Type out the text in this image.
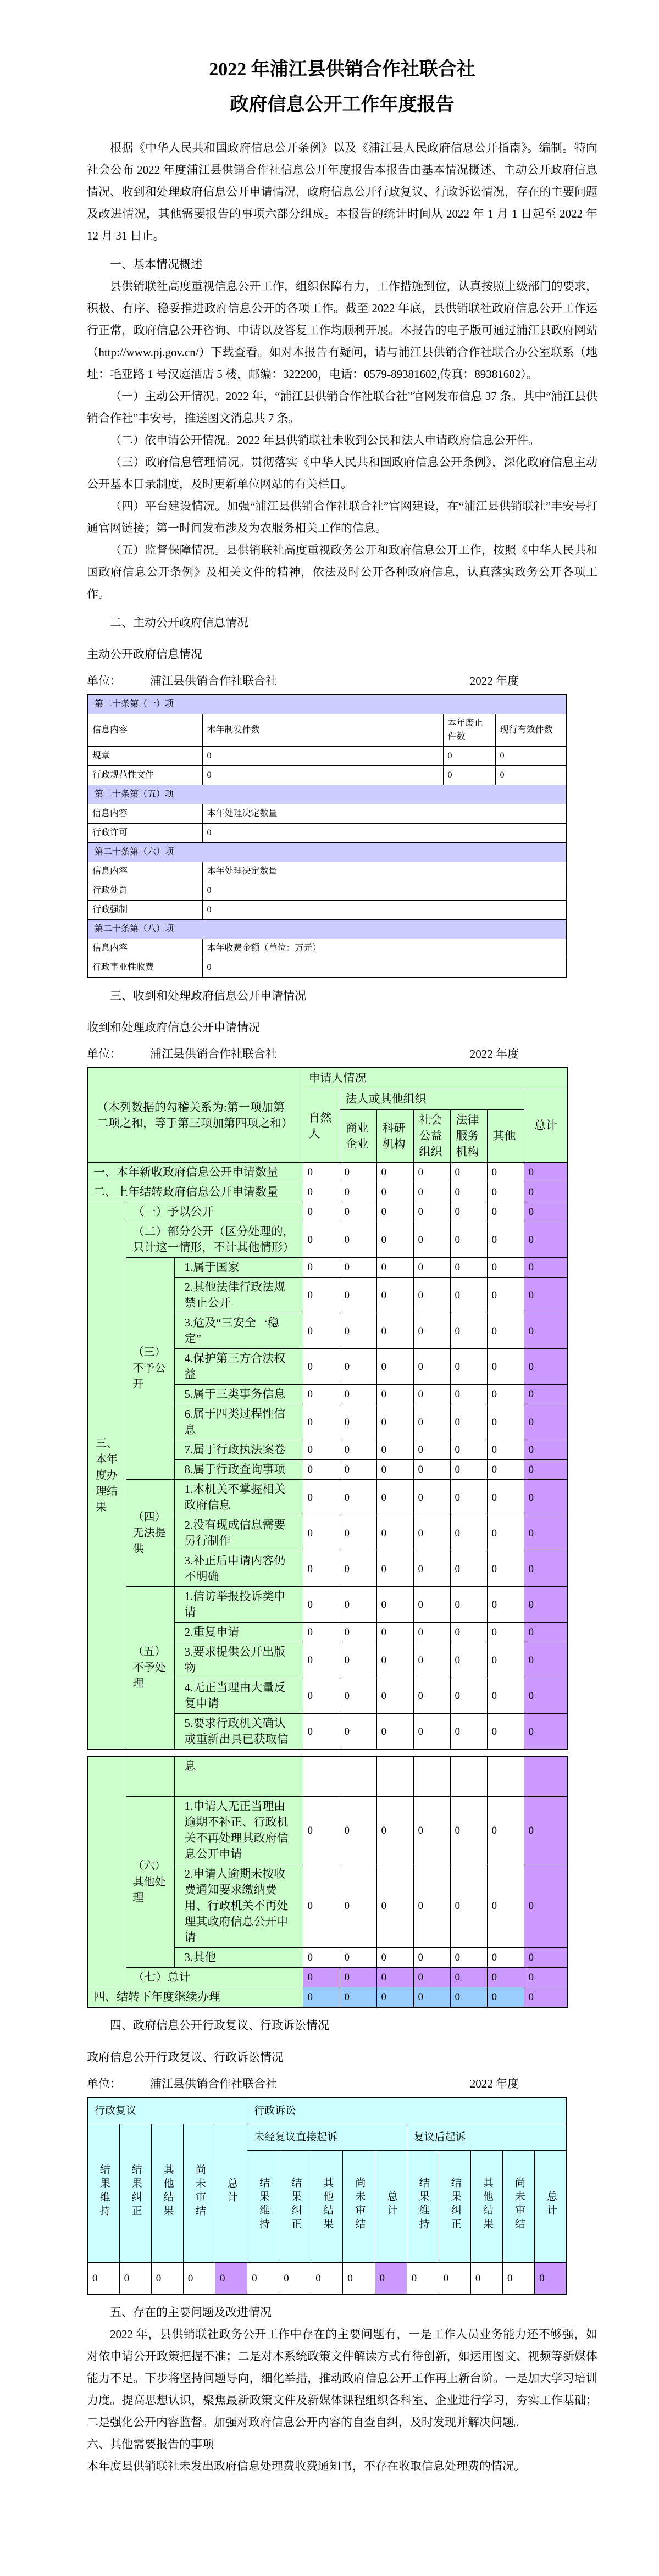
2022 年浦江县供销合作社联合社
政府信息公开工作年度报告

根据《中华人民共和国政府信息公开条例》以及《浦江县人民政府信息公开指南》。编制。特向社会公布 2022 年度浦江县供销合作社信息公开年度报告本报告由基本情况概述、主动公开政府信息情况、收到和处理政府信息公开申请情况，政府信息公开行政复议、行政诉讼情况，存在的主要问题及改进情况，其他需要报告的事项六部分组成。本报告的统计时间从 2022 年 1 月 1 日起至 2022 年 12 月 31 日止。

一、基本情况概述

县供销联社高度重视信息公开工作，组织保障有力，工作措施到位，认真按照上级部门的要求，积极、有序、稳妥推进政府信息公开的各项工作。截至 2022 年底，县供销联社政府信息公开工作运行正常，政府信息公开咨询、申请以及答复工作均顺利开展。本报告的电子版可通过浦江县政府网站（http://www.pj.gov.cn/）下载查看。如对本报告有疑问，请与浦江县供销合作社联合办公室联系（地址：毛亚路 1 号汉庭酒店 5 楼，邮编：322200，电话：0579-89381602,传真：89381602）。

（一）主动公开情况。2022 年，“浦江县供销合作社联合社”官网发布信息 37 条。其中“浦江县供销合作社”丰安号，推送图文消息共 7 条。

（二）依申请公开情况。2022 年县供销联社未收到公民和法人申请政府信息公开件。

（三）政府信息管理情况。贯彻落实《中华人民共和国政府信息公开条例》，深化政府信息主动公开基本目录制度，及时更新单位网站的有关栏目。

（四）平台建设情况。加强“浦江县供销合作社联合社”官网建设，在“浦江县供销联社”丰安号打通官网链接；第一时间发布涉及为农服务相关工作的信息。

（五）监督保障情况。县供销联社高度重视政务公开和政府信息公开工作，按照《中华人民共和国政府信息公开条例》及相关文件的精神，依法及时公开各种政府信息，认真落实政务公开各项工作。

二、主动公开政府信息情况

主动公开政府信息情况

单位： 浦江县供销合作社联合社	2022 年度
第二十条第（一）项			
信息内容	本年制发件数	本年废止件数	现行有效件数
规章	0	0	0
行政规范性文件	0	0	0
第二十条第（五）项			
信息内容	本年处理决定数量		
行政许可	0		
第二十条第（六）项			
信息内容	本年处理决定数量		
行政处罚	0		
行政强制	0		
第二十条第（八）项			
信息内容	本年收费金额（单位：万元）		
行政事业性收费	0		

三、收到和处理政府信息公开申请情况

收到和处理政府信息公开申请情况

单位： 浦江县供销合作社联合社	2022 年度
（本列数据的勾稽关系为:第一项加第二项之和，等于第三项加第四项之和）			申请人情况						
			自然人	法人或其他组织					总计
				商业企业	科研机构	社会公益组织	法律服务机构	其他	
一、本年新收政府信息公开申请数量			0	0	0	0	0	0	0
二、上年结转政府信息公开申请数量			0	0	0	0	0	0	0
三、本年度办理结果	（一）予以公开		0	0	0	0	0	0	0
	（二）部分公开（区分处理的，只计这一情形，不计其他情形）		0	0	0	0	0	0	0
	（三）不予公开	1.属于国家	0	0	0	0	0	0	0
		2.其他法律行政法规禁止公开	0	0	0	0	0	0	0
		3.危及“三安全一稳定”	0	0	0	0	0	0	0
		4.保护第三方合法权益	0	0	0	0	0	0	0
		5.属于三类事务信息	0	0	0	0	0	0	0
		6.属于四类过程性信息	0	0	0	0	0	0	0
		7.属于行政执法案卷	0	0	0	0	0	0	0
		8.属于行政查询事项	0	0	0	0	0	0	0
	（四）无法提供	1.本机关不掌握相关政府信息	0	0	0	0	0	0	0
		2.没有现成信息需要另行制作	0	0	0	0	0	0	0
		3.补正后申请内容仍不明确	0	0	0	0	0	0	0
	（五）不予处理	1.信访举报投诉类申请	0	0	0	0	0	0	0
		2.重复申请	0	0	0	0	0	0	0
		3.要求提供公开出版物	0	0	0	0	0	0	0
		4.无正当理由大量反复申请	0	0	0	0	0	0	0
		5.要求行政机关确认或重新出具已获取信	0	0	0	0	0	0	0
		息							
	（六）其他处理	1.申请人无正当理由逾期不补正、行政机关不再处理其政府信息公开申请	0	0	0	0	0	0	0
		2.申请人逾期未按收费通知要求缴纳费用、行政机关不再处理其政府信息公开申请	0	0	0	0	0	0	0
		3.其他	0	0	0	0	0	0	0
	（七）总计		0	0	0	0	0	0	0
四、结转下年度继续办理			0	0	0	0	0	0	0

四、政府信息公开行政复议、行政诉讼情况

政府信息公开行政复议、行政诉讼情况

单位： 浦江县供销合作社联合社	2022 年度
行政复议					行政诉讼									
结果维持	结果纠正	其他结果	尚未审结	总计	未经复议直接起诉					复议后起诉				
					结果维持	结果纠正	其他结果	尚未审结	总计	结果维持	结果纠正	其他结果	尚未审结	总计
0	0	0	0	0	0	0	0	0	0	0	0	0	0	0

五、存在的主要问题及改进情况

2022 年，县供销联社政务公开工作中存在的主要问题有，一是工作人员业务能力还不够强，如对依申请公开政策把握不准；二是对本系统政策文件解读方式有待创新，如运用图文、视频等新媒体能力不足。下步将坚持问题导向，细化举措，推动政府信息公开工作再上新台阶。一是加大学习培训力度。提高思想认识，聚焦最新政策文件及新媒体课程组织各科室、企业进行学习，夯实工作基础；二是强化公开内容监督。加强对政府信息公开内容的自查自纠，及时发现并解决问题。

六、其他需要报告的事项

本年度县供销联社未发出政府信息处理费收费通知书，不存在收取信息处理费的情况。
